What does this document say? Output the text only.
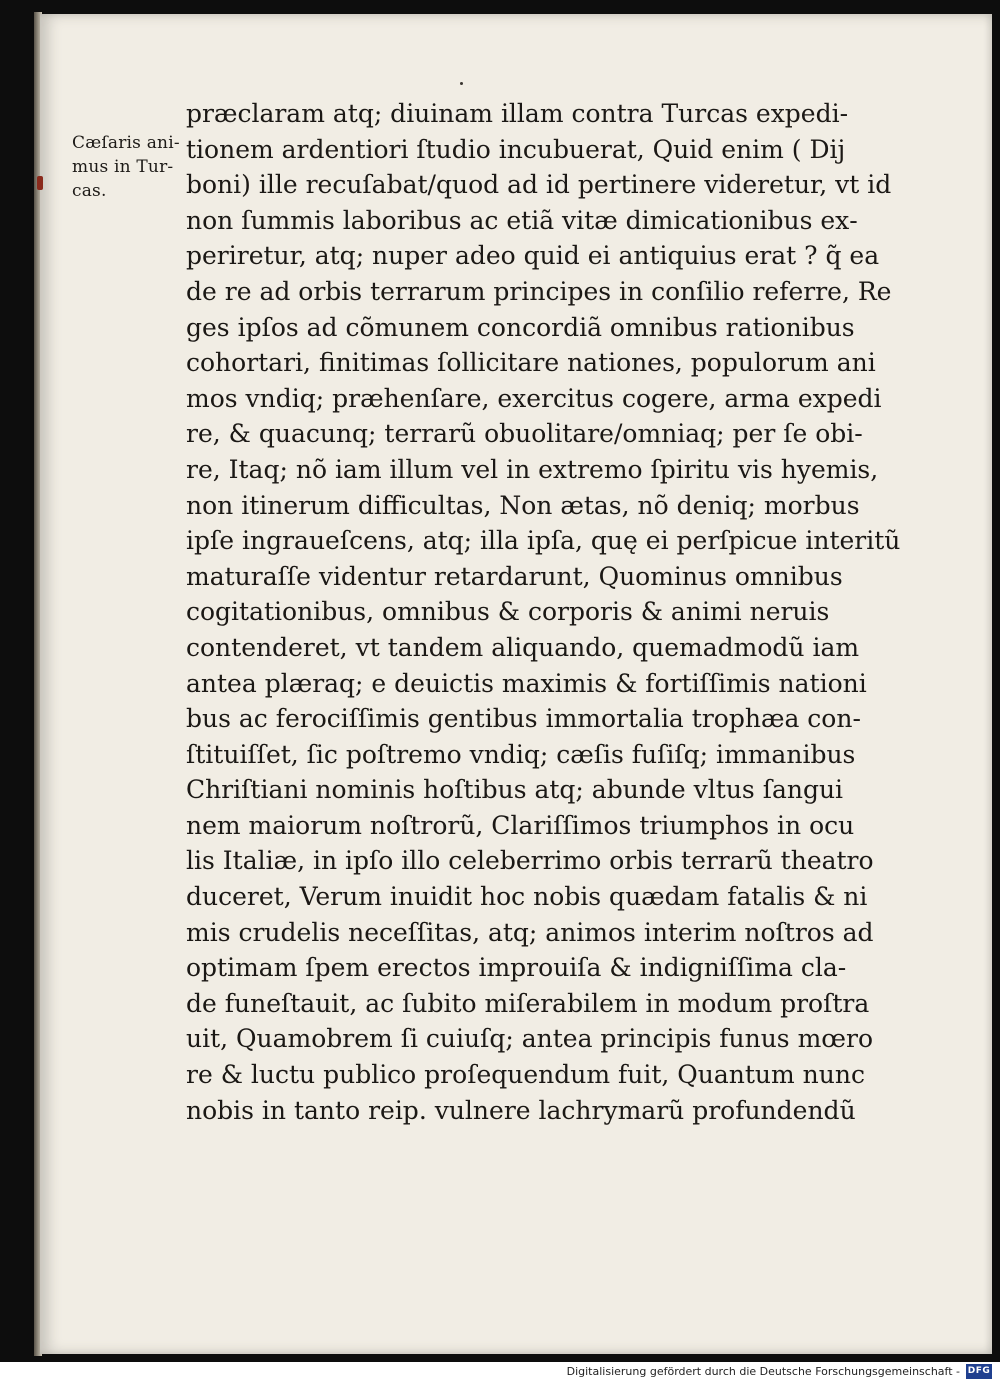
Cæſaris ani‑
mus in Tur‑
cas.
præclaram atq; diuinam illam contra Turcas expedi‑
tionem ardentiori ſtudio incubuerat, Quid enim ( Dij
boni) ille recuſabat/quod ad id pertinere videretur, vt id
non ſummis laboribus ac etiã vitæ dimicationibus ex‑
periretur, atq; nuper adeo quid ei antiquius erat ? q̃ ea
de re ad orbis terrarum principes in conſilio referre, Re
ges ipſos ad cõmunem concordiã omnibus rationibus
cohortari, finitimas ſollicitare nationes, populorum ani
mos vndiq; præhenſare, exercitus cogere, arma expedi
re, & quacunq; terrarũ obuolitare/omniaq; per ſe obi‑
re, Itaq; nõ iam illum vel in extremo ſpiritu vis hyemis,
non itinerum difficultas, Non ætas, nõ deniq; morbus
ipſe ingraueſcens, atq; illa ipſa, quę ei perſpicue interitũ
maturaſſe videntur retardarunt, Quominus omnibus
cogitationibus, omnibus & corporis & animi neruis
contenderet, vt tandem aliquando, quemadmodũ iam
antea plæraq; e deuictis maximis & fortiſſimis nationi
bus ac ferociſſimis gentibus immortalia trophæa con‑
ſtituiſſet, ſic poſtremo vndiq; cæſis fuſiſq; immanibus
Chriſtiani nominis hoſtibus atq; abunde vltus ſangui
nem maiorum noſtrorũ, Clariſſimos triumphos in ocu
lis Italiæ, in ipſo illo celeberrimo orbis terrarũ theatro
duceret, Verum inuidit hoc nobis quædam fatalis & ni
mis crudelis neceſſitas, atq; animos interim noſtros ad
optimam ſpem erectos improuiſa & indigniſſima cla‑
de funeſtauit, ac ſubito miſerabilem in modum proſtra
uit, Quamobrem ſi cuiuſq; antea principis funus mœro
re & luctu publico proſequendum fuit, Quantum nunc
nobis in tanto reip. vulnere lachrymarũ profundendũ
Digitalisierung gefördert durch die Deutsche Forschungsgemeinschaft - DFG
